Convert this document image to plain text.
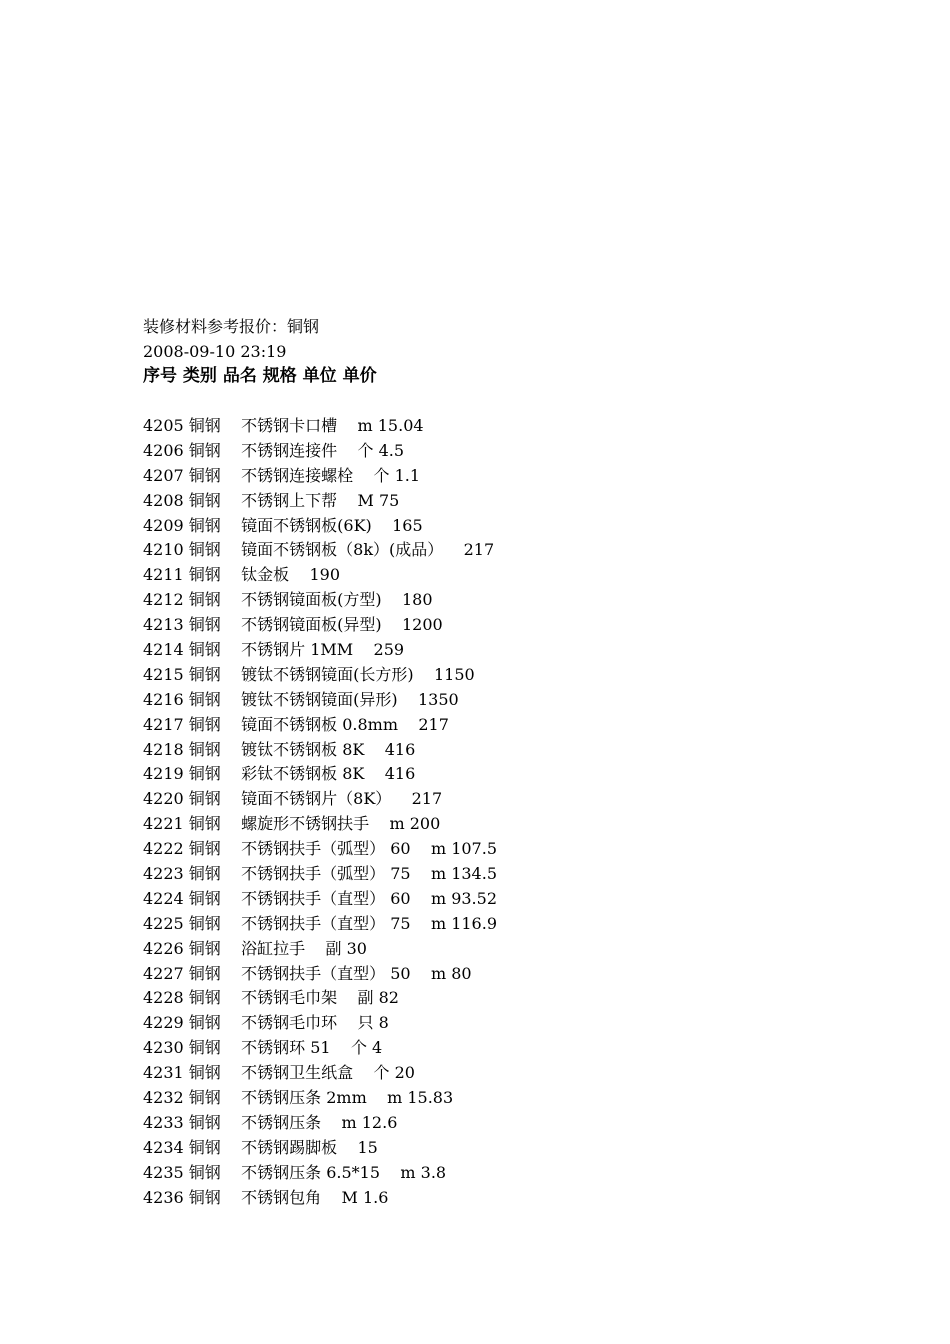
装修材料参考报价：铜钢
2008-09-10 23:19
序号 类别 品名 规格 单位 单价
4205 铜钢    不锈钢卡口槽    m 15.04
4206 铜钢    不锈钢连接件    个 4.5
4207 铜钢    不锈钢连接螺栓    个 1.1
4208 铜钢    不锈钢上下帮    M 75
4209 铜钢    镜面不锈钢板(6K)    165
4210 铜钢    镜面不锈钢板（8k）(成品）    217
4211 铜钢    钛金板    190
4212 铜钢    不锈钢镜面板(方型)    180
4213 铜钢    不锈钢镜面板(异型)    1200
4214 铜钢    不锈钢片 1MM    259
4215 铜钢    镀钛不锈钢镜面(长方形)    1150
4216 铜钢    镀钛不锈钢镜面(异形)    1350
4217 铜钢    镜面不锈钢板 0.8mm    217
4218 铜钢    镀钛不锈钢板 8K    416
4219 铜钢    彩钛不锈钢板 8K    416
4220 铜钢    镜面不锈钢片（8K）    217
4221 铜钢    螺旋形不锈钢扶手    m 200
4222 铜钢    不锈钢扶手（弧型） 60    m 107.5
4223 铜钢    不锈钢扶手（弧型） 75    m 134.5
4224 铜钢    不锈钢扶手（直型） 60    m 93.52
4225 铜钢    不锈钢扶手（直型） 75    m 116.9
4226 铜钢    浴缸拉手    副 30
4227 铜钢    不锈钢扶手（直型） 50    m 80
4228 铜钢    不锈钢毛巾架    副 82
4229 铜钢    不锈钢毛巾环    只 8
4230 铜钢    不锈钢环 51    个 4
4231 铜钢    不锈钢卫生纸盒    个 20
4232 铜钢    不锈钢压条 2mm    m 15.83
4233 铜钢    不锈钢压条    m 12.6
4234 铜钢    不锈钢踢脚板    15
4235 铜钢    不锈钢压条 6.5*15    m 3.8
4236 铜钢    不锈钢包角    M 1.6
